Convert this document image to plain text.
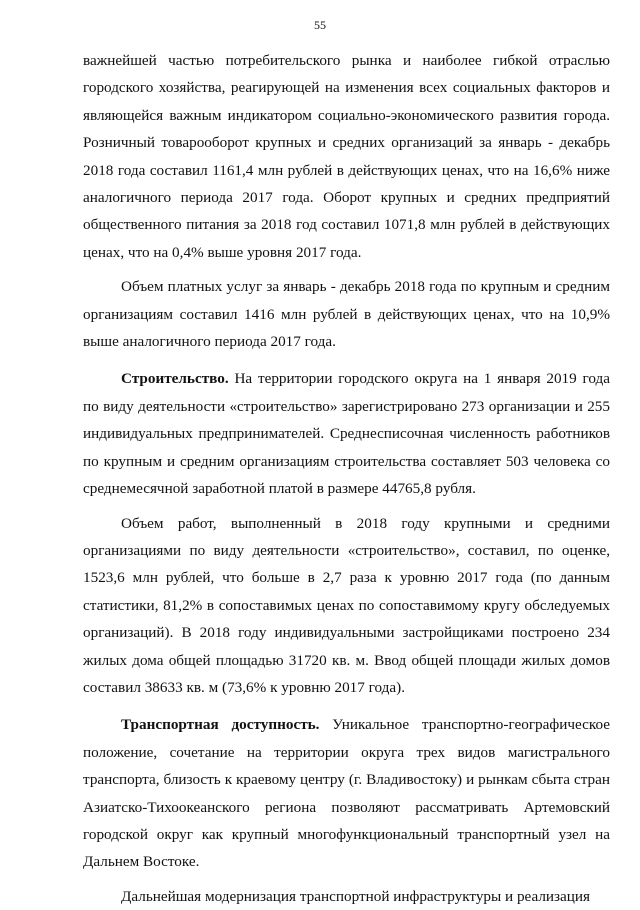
55

важнейшей частью потребительского рынка и наиболее гибкой отраслью городского хозяйства, реагирующей на изменения всех социальных факторов и являющейся важным индикатором социально-экономического развития города. Розничный товарооборот крупных и средних организаций за январь - декабрь 2018 года составил 1161,4 млн рублей в действующих ценах, что на 16,6% ниже аналогичного периода 2017 года. Оборот крупных и средних предприятий общественного питания за 2018 год составил 1071,8 млн рублей в действующих ценах, что на 0,4% выше уровня 2017 года.

Объем платных услуг за январь - декабрь 2018 года по крупным и средним организациям составил 1416 млн рублей в действующих ценах, что на 10,9% выше аналогичного периода 2017 года.

Строительство. На территории городского округа на 1 января 2019 года по виду деятельности «строительство» зарегистрировано 273 организации и 255 индивидуальных предпринимателей. Среднесписочная численность работников по крупным и средним организациям строительства составляет 503 человека со среднемесячной заработной платой в размере 44765,8 рубля.

Объем работ, выполненный в 2018 году крупными и средними организациями по виду деятельности «строительство», составил, по оценке, 1523,6 млн рублей, что больше в 2,7 раза к уровню 2017 года (по данным статистики, 81,2% в сопоставимых ценах по сопоставимому кругу обследуемых организаций). В 2018 году индивидуальными застройщиками построено 234 жилых дома общей площадью 31720 кв. м. Ввод общей площади жилых домов составил 38633 кв. м (73,6% к уровню 2017 года).

Транспортная доступность. Уникальное транспортно-географическое положение, сочетание на территории округа трех видов магистрального транспорта, близость к краевому центру (г. Владивостоку) и рынкам сбыта стран Азиатско-Тихоокеанского региона позволяют рассматривать Артемовский городской округ как крупный многофункциональный транспортный узел на Дальнем Востоке.

Дальнейшая модернизация транспортной инфраструктуры и реализация
